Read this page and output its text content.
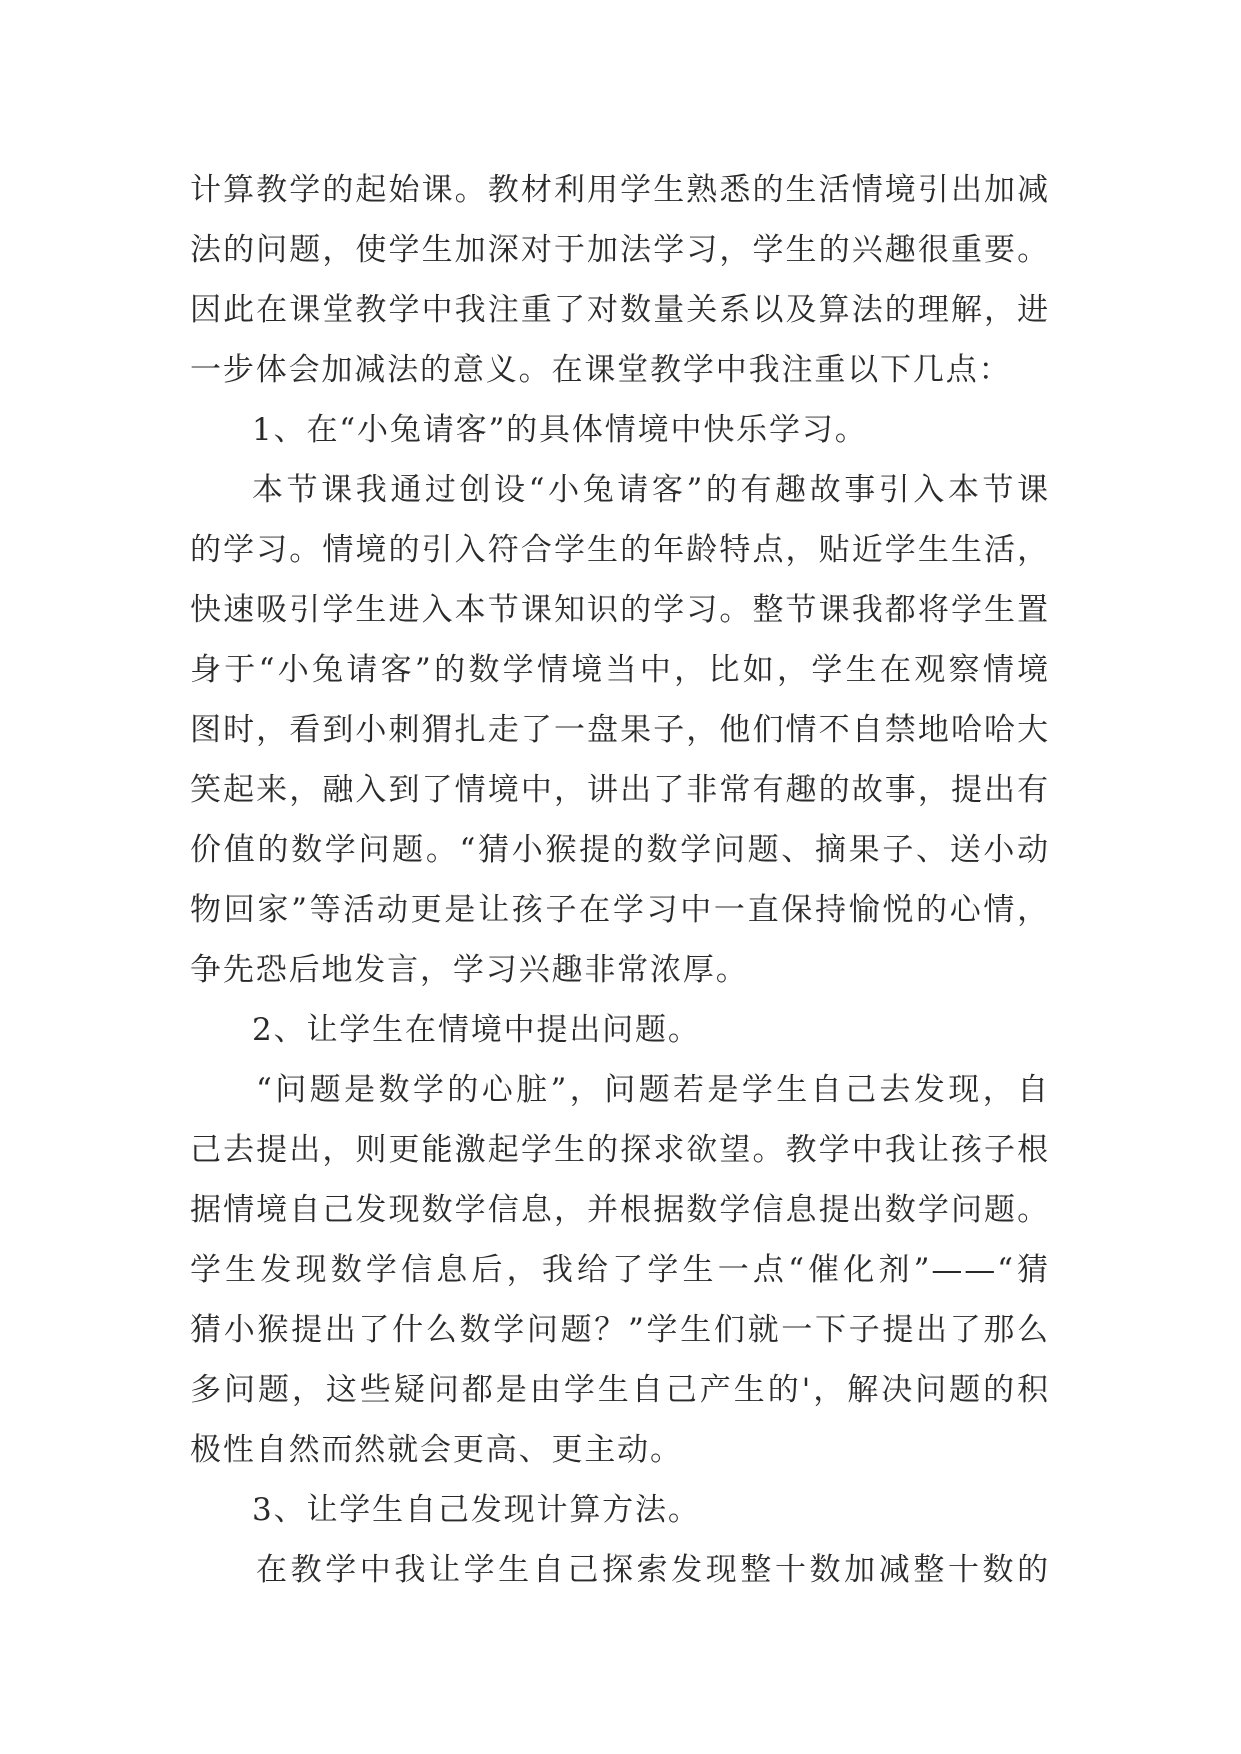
计算教学的起始课。教材利用学生熟悉的生活情境引出加减
法的问题，使学生加深对于加法学习，学生的兴趣很重要。
因此在课堂教学中我注重了对数量关系以及算法的理解，进
一步体会加减法的意义。在课堂教学中我注重以下几点：
1、在“小兔请客”的具体情境中快乐学习。
本节课我通过创设“小兔请客”的有趣故事引入本节课
的学习。情境的引入符合学生的年龄特点，贴近学生生活，
快速吸引学生进入本节课知识的学习。整节课我都将学生置
身于“小兔请客”的数学情境当中，比如，学生在观察情境
图时，看到小刺猬扎走了一盘果子，他们情不自禁地哈哈大
笑起来，融入到了情境中，讲出了非常有趣的故事，提出有
价值的数学问题。“猜小猴提的数学问题、摘果子、送小动
物回家”等活动更是让孩子在学习中一直保持愉悦的心情，
争先恐后地发言，学习兴趣非常浓厚。
2、让学生在情境中提出问题。
“问题是数学的心脏”，问题若是学生自己去发现，自
己去提出，则更能激起学生的探求欲望。教学中我让孩子根
据情境自己发现数学信息，并根据数学信息提出数学问题。
学生发现数学信息后，我给了学生一点“催化剂”——“猜
猜小猴提出了什么数学问题？”学生们就一下子提出了那么
多问题，这些疑问都是由学生自己产生的'，解决问题的积
极性自然而然就会更高、更主动。
3、让学生自己发现计算方法。
在教学中我让学生自己探索发现整十数加减整十数的
